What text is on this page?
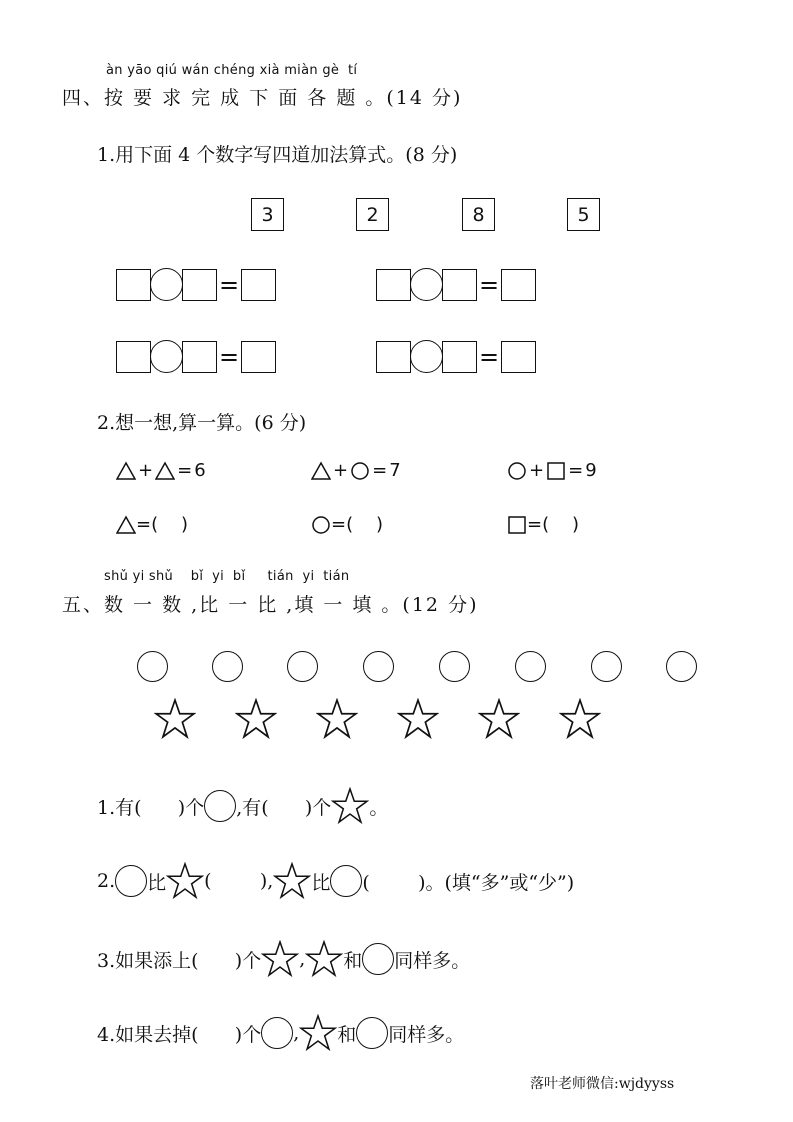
àn yāo qiú wán chéng xià miàn gè  tí
四、按 要 求 完 成 下 面 各 题 。(14 分)
1.用下面 4 个数字写四道加法算式。(8 分)
3	2	8	5
=	=
=	=
2.想一想,算一算。(6 分)
+ = 6	+ = 7	+ = 9
=(    )	=(    )	=(    )
shǔ yi shǔ    bǐ  yi  bǐ     tián  yi  tián
五、数 一 数 ,比 一 比 ,填 一 填 。(12 分)
1.有(      )个 ,有(      )个 。
2. 比 (        ), 比 (        )。(填“多”或“少”)
3.如果添上(      )个 , 和 同样多。
4.如果去掉(      )个 , 和 同样多。
落叶老师微信:wjdyyss
